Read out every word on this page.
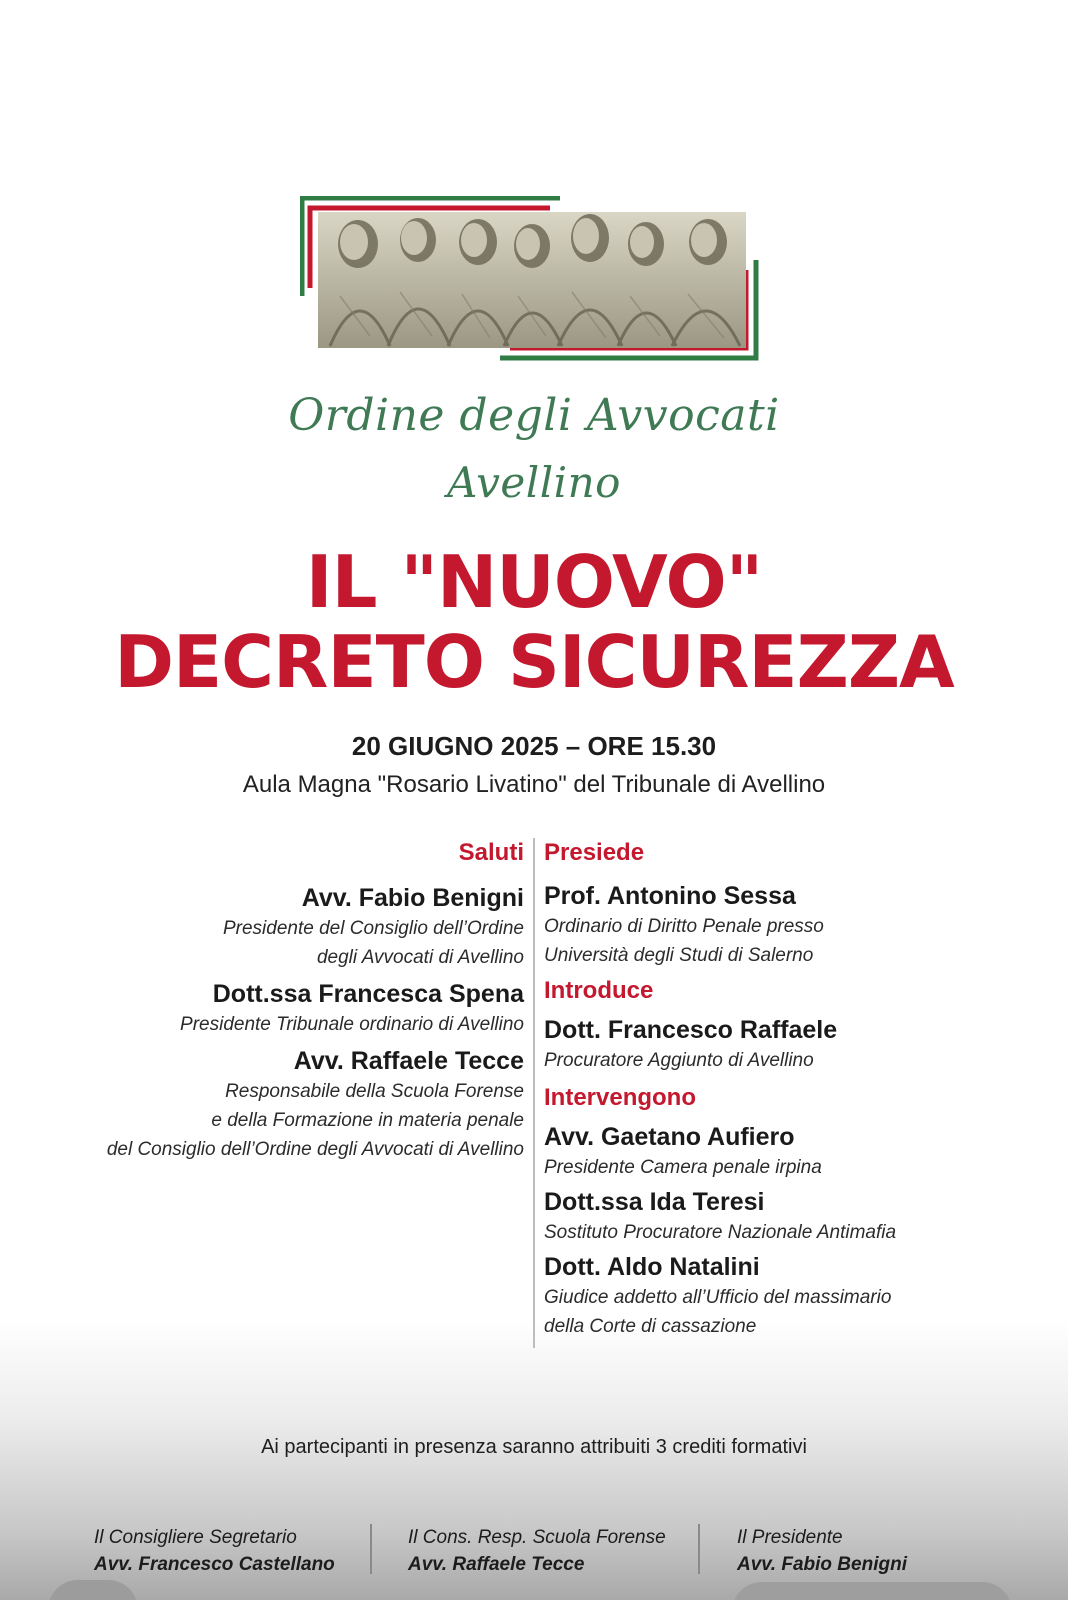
Ordine degli Avvocati
Avellino
IL "NUOVO"
DECRETO SICUREZZA
20 GIUGNO 2025 – ORE 15.30
Aula Magna "Rosario Livatino" del Tribunale di Avellino
Saluti
Avv. Fabio Benigni
Presidente del Consiglio dell’Ordine
degli Avvocati di Avellino
Dott.ssa Francesca Spena
Presidente Tribunale ordinario di Avellino
Avv. Raffaele Tecce
Responsabile della Scuola Forense
e della Formazione in materia penale
del Consiglio dell’Ordine degli Avvocati di Avellino
Presiede
Prof. Antonino Sessa
Ordinario di Diritto Penale presso
Università degli Studi di Salerno
Introduce
Dott. Francesco Raffaele
Procuratore Aggiunto di Avellino
Intervengono
Avv. Gaetano Aufiero
Presidente Camera penale irpina
Dott.ssa Ida Teresi
Sostituto Procuratore Nazionale Antimafia
Dott. Aldo Natalini
Giudice addetto all’Ufficio del massimario
della Corte di cassazione
Ai partecipanti in presenza saranno attribuiti 3 crediti formativi
Il Consigliere Segretario
Avv. Francesco Castellano
Il Cons. Resp. Scuola Forense
Avv. Raffaele Tecce
Il Presidente
Avv. Fabio Benigni
